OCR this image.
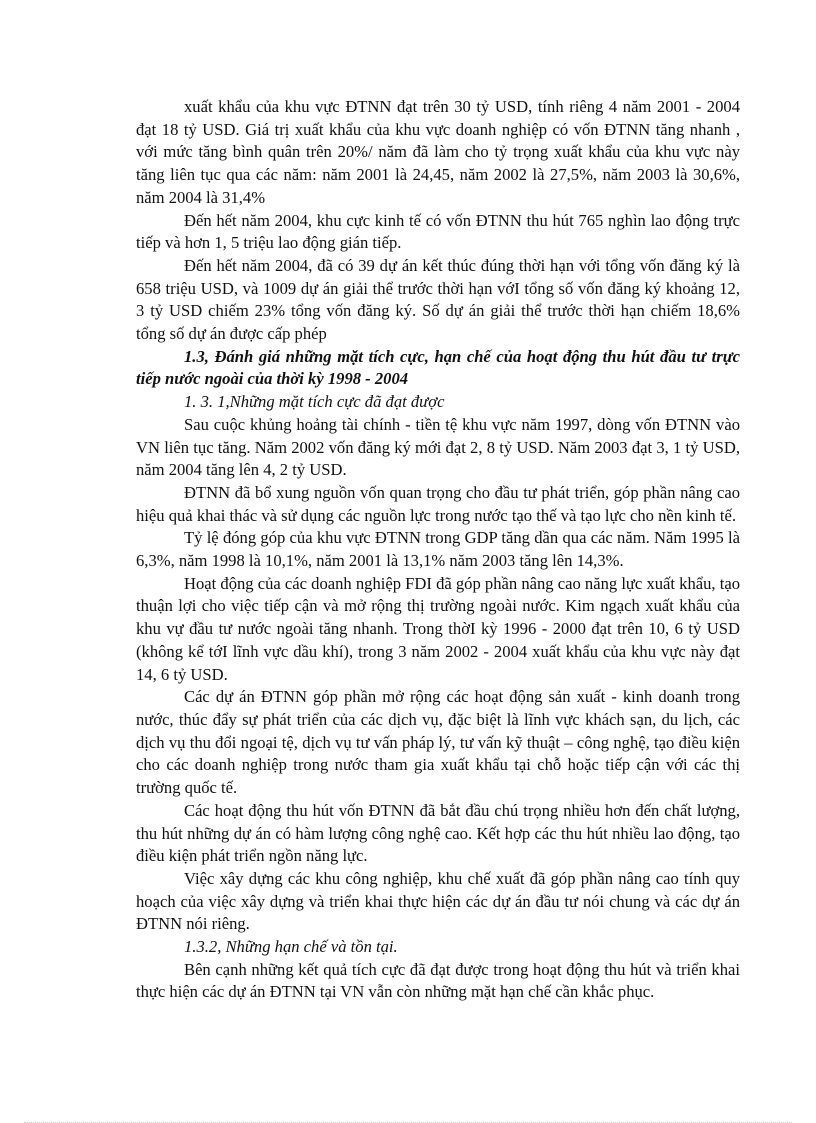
xuất khẩu của khu vực ĐTNN đạt trên 30 tỷ USD, tính riêng 4 năm 2001 - 2004 đạt 18 tỷ USD. Giá trị xuất khẩu của khu vực doanh nghiệp có vốn ĐTNN tăng nhanh , với mức tăng bình quân trên 20%/ năm đã làm cho tỷ trọng xuất khẩu của khu vực này tăng liên tục qua các năm: năm 2001 là 24,45, năm 2002 là 27,5%, năm 2003 là 30,6%, năm 2004 là 31,4%

Đến hết năm 2004, khu cực kinh tế có vốn ĐTNN thu hút 765 nghìn lao động trực tiếp và hơn 1, 5 triệu lao động gián tiếp.

Đến hết năm 2004, đã có 39 dự án kết thúc đúng thời hạn với tổng vốn đăng ký là 658 triệu USD, và 1009 dự án giải thể trước thời hạn vớI tổng số vốn đăng ký khoảng 12, 3 tỷ USD chiếm 23% tổng vốn đăng ký. Số dự án giải thể trước thời hạn chiếm 18,6% tổng số dự án được cấp phép

1.3, Đánh giá những mặt tích cực, hạn chế của hoạt động thu hút đầu tư trực tiếp nước ngoài của thời kỳ 1998 - 2004

1. 3. 1,Những mặt tích cực đã đạt được

Sau cuộc khủng hoảng tài chính - tiền tệ khu vực năm 1997, dòng vốn ĐTNN vào VN liên tục tăng. Năm 2002 vốn đăng ký mới đạt 2, 8 tỷ USD. Năm 2003 đạt 3, 1 tỷ USD, năm 2004 tăng lên 4, 2 tỷ USD.

ĐTNN đã bổ xung nguồn vốn quan trọng cho đầu tư phát triển, góp phần nâng cao hiệu quả khai thác và sử dụng các nguồn lực trong nước tạo thế và tạo lực cho nền kinh tế.

Tỷ lệ đóng góp của khu vực ĐTNN trong GDP tăng dần qua các năm. Năm 1995 là 6,3%, năm 1998 là 10,1%, năm 2001 là 13,1% năm 2003 tăng lên 14,3%.

Hoạt động của các doanh nghiệp FDI đã góp phần nâng cao năng lực xuất khẩu, tạo thuận lợi cho việc tiếp cận và mở rộng thị trường ngoài nước. Kim ngạch xuất khẩu của khu vự đầu tư nước ngoài tăng nhanh. Trong thờI kỳ 1996 - 2000 đạt trên 10, 6 tỷ USD (không kể tớI lĩnh vực dầu khí), trong 3 năm 2002 - 2004 xuất khẩu của khu vực này đạt 14, 6 tỷ USD.

Các dự án ĐTNN góp phần mở rộng các hoạt động sản xuất - kinh doanh trong nước, thúc đẩy sự phát triển của các dịch vụ, đặc biệt là lĩnh vực khách sạn, du lịch, các dịch vụ thu đổi ngoại tệ, dịch vụ tư vấn pháp lý, tư vấn kỹ thuật – công nghệ, tạo điều kiện cho các doanh nghiệp trong nước tham gia xuất khẩu tại chỗ hoặc tiếp cận với các thị trường quốc tế.

Các hoạt động thu hút vốn ĐTNN đã bắt đầu chú trọng nhiều hơn đến chất lượng, thu hút những dự án có hàm lượng công nghệ cao. Kết hợp các thu hút nhiều lao động, tạo điều kiện phát triển ngồn năng lực.

Việc xây dựng các khu công nghiệp, khu chế xuất đã góp phần nâng cao tính quy hoạch của việc xây dựng và triển khai thực hiện các dự án đầu tư nói chung và các dự án ĐTNN nói riêng.

1.3.2, Những hạn chế và tồn tại.

Bên cạnh những kết quả tích cực đã đạt được trong hoạt động thu hút và triển khai thực hiện các dự án ĐTNN tại VN vẫn còn những mặt hạn chế cần khắc phục.
